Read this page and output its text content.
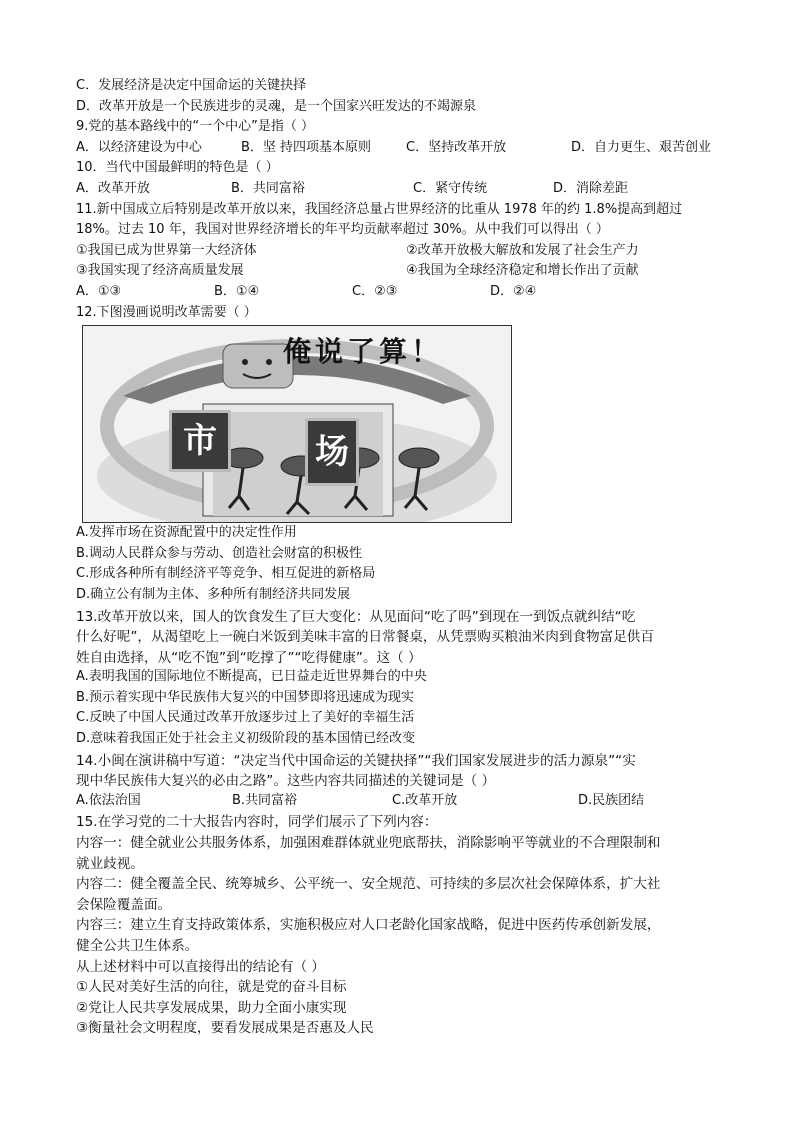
C．发展经济是决定中国命运的关键抉择
D．改革开放是一个民族进步的灵魂，是一个国家兴旺发达的不竭源泉
9.党的基本路线中的“一个中心”是指（ ）
A．以经济建设为中心	B．坚 持四项基本原则	C．坚持改革开放	D．自力更生、艰苦创业
10．当代中国最鲜明的特色是（ ）
A．改革开放	B．共同富裕	C．紧守传统	D．消除差距
11.新中国成立后特别是改革开放以来，我国经济总量占世界经济的比重从 1978 年的约 1.8%提高到超过
18%。过去 10 年，我国对世界经济增长的年平均贡献率超过 30%。从中我们可以得出（ ）
①我国已成为世界第一大经济体	②改革开放极大解放和发展了社会生产力
③我国实现了经济高质量发展	④我国为全球经济稳定和增长作出了贡献
A．①③	B．①④	C．②③	D．②④
12.下图漫画说明改革需要（ ）
俺说了算！
市	场
A.发挥市场在资源配置中的决定性作用
B.调动人民群众参与劳动、创造社会财富的积极性
C.形成各种所有制经济平等竞争、相互促进的新格局
D.确立公有制为主体、多种所有制经济共同发展
13.改革开放以来，国人的饮食发生了巨大变化：从见面问“吃了吗”到现在一到饭点就纠结“吃
什么好呢”，从渴望吃上一碗白米饭到美味丰富的日常餐桌，从凭票购买粮油米肉到食物富足供百
姓自由选择，从“吃不饱”到“吃撑了”“吃得健康”。这（ ）
A.表明我国的国际地位不断提高，已日益走近世界舞台的中央
B.预示着实现中华民族伟大复兴的中国梦即将迅速成为现实
C.反映了中国人民通过改革开放逐步过上了美好的幸福生活
D.意味着我国正处于社会主义初级阶段的基本国情已经改变
14.小闽在演讲稿中写道：“决定当代中国命运的关键抉择”“我们国家发展进步的活力源泉”“实
现中华民族伟大复兴的必由之路”。这些内容共同描述的关键词是（ ）
A.依法治国	B.共同富裕	C.改革开放	D.民族团结
15.在学习党的二十大报告内容时，同学们展示了下列内容：
内容一：健全就业公共服务体系，加强困难群体就业兜底帮扶，消除影响平等就业的不合理限制和
就业歧视。
内容二：健全覆盖全民、统筹城乡、公平统一、安全规范、可持续的多层次社会保障体系，扩大社
会保险覆盖面。
内容三：建立生育支持政策体系，实施积极应对人口老龄化国家战略，促进中医药传承创新发展，
健全公共卫生体系。
从上述材料中可以直接得出的结论有（ ）
①人民对美好生活的向往，就是党的奋斗目标
②党让人民共享发展成果，助力全面小康实现
③衡量社会文明程度，要看发展成果是否惠及人民
